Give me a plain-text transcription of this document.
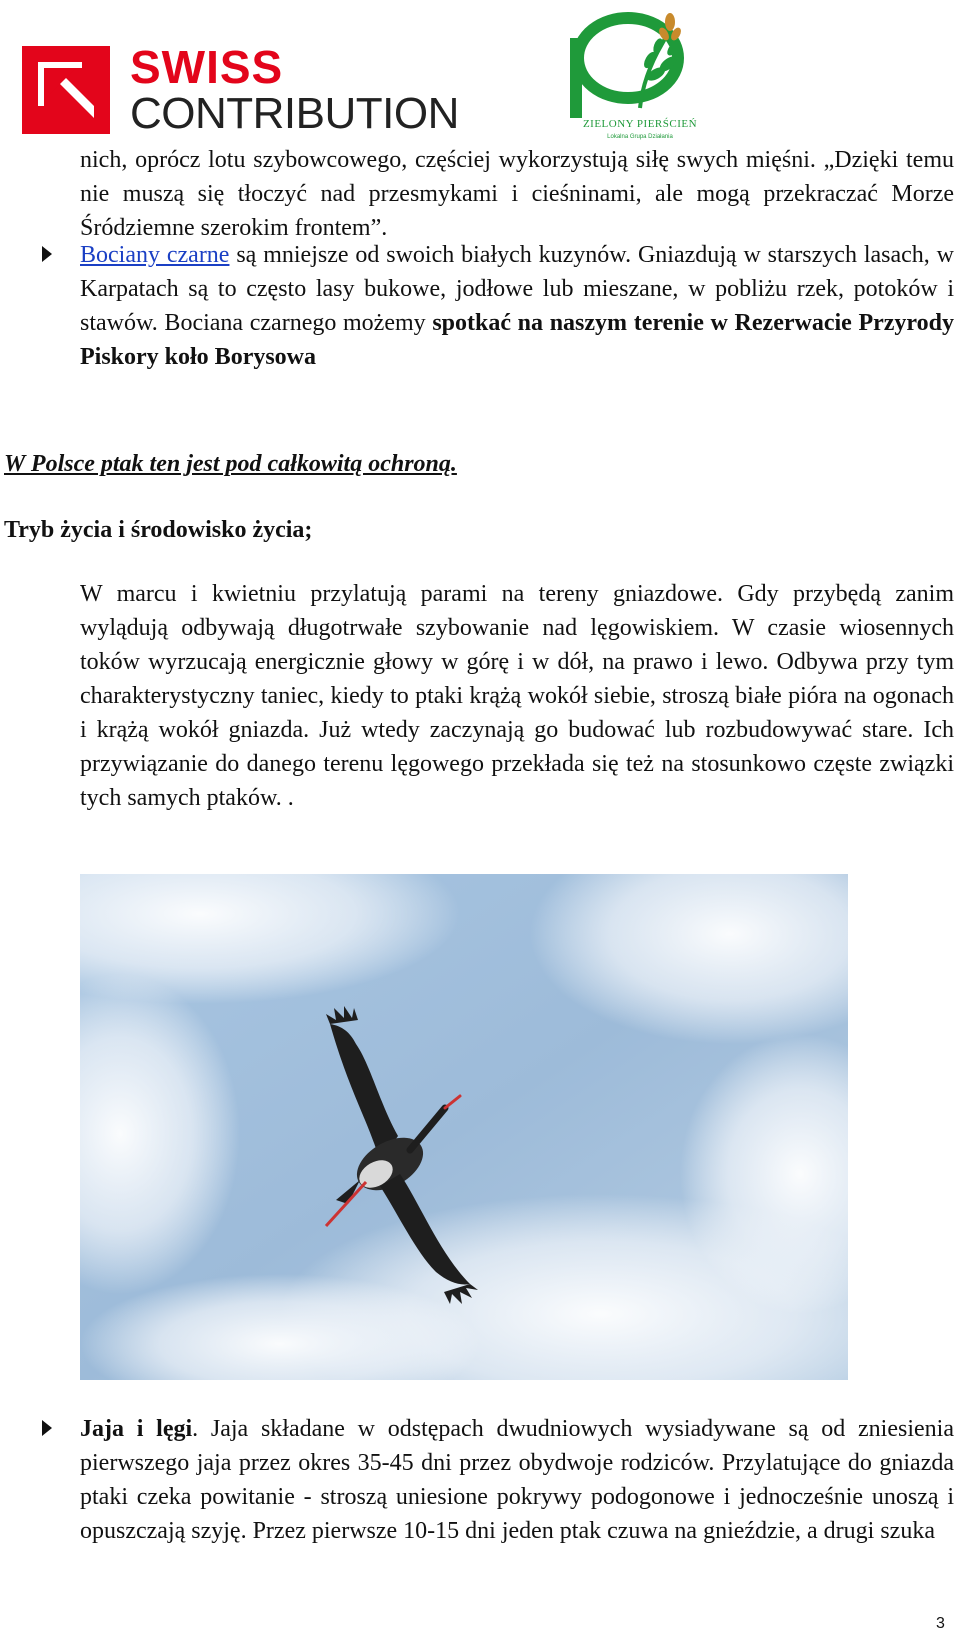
SWISS
CONTRIBUTION	ZIELONY PIERŚCIEŃ
Lokalna Grupa Działania

nich, oprócz lotu szybowcowego, częściej wykorzystują siłę swych mięśni. „Dzięki temu nie muszą się tłoczyć nad przesmykami i cieśninami, ale mogą przekraczać Morze Śródziemne szerokim frontem”.

Bociany czarne są mniejsze od swoich białych kuzynów. Gniazdują w starszych lasach, w Karpatach są to często lasy bukowe, jodłowe lub mieszane, w pobliżu rzek, potoków i stawów. Bociana czarnego możemy spotkać na naszym terenie w Rezerwacie Przyrody Piskory koło Borysowa

W Polsce ptak ten jest pod całkowitą ochroną.

Tryb życia i środowisko życia;

W marcu i kwietniu przylatują parami na tereny gniazdowe. Gdy przybędą zanim wylądują odbywają długotrwałe szybowanie nad lęgowiskiem. W czasie wiosennych toków wyrzucają energicznie głowy w górę i w dół, na prawo i lewo. Odbywa przy tym charakterystyczny taniec, kiedy to ptaki krążą wokół siebie, stroszą białe pióra na ogonach i krążą wokół gniazda. Już wtedy zaczynają go budować lub rozbudowywać stare. Ich przywiązanie do danego terenu lęgowego przekłada się też na stosunkowo częste związki tych samych ptaków. .

Jaja i lęgi. Jaja składane w odstępach dwudniowych wysiadywane są od zniesienia pierwszego jaja przez okres 35-45 dni przez obydwoje rodziców. Przylatujące do gniazda ptaki czeka powitanie - stroszą uniesione pokrywy podogonowe i jednocześnie unoszą i opuszczają szyję. Przez pierwsze 10-15 dni jeden ptak czuwa na gnieździe, a drugi szuka

3
